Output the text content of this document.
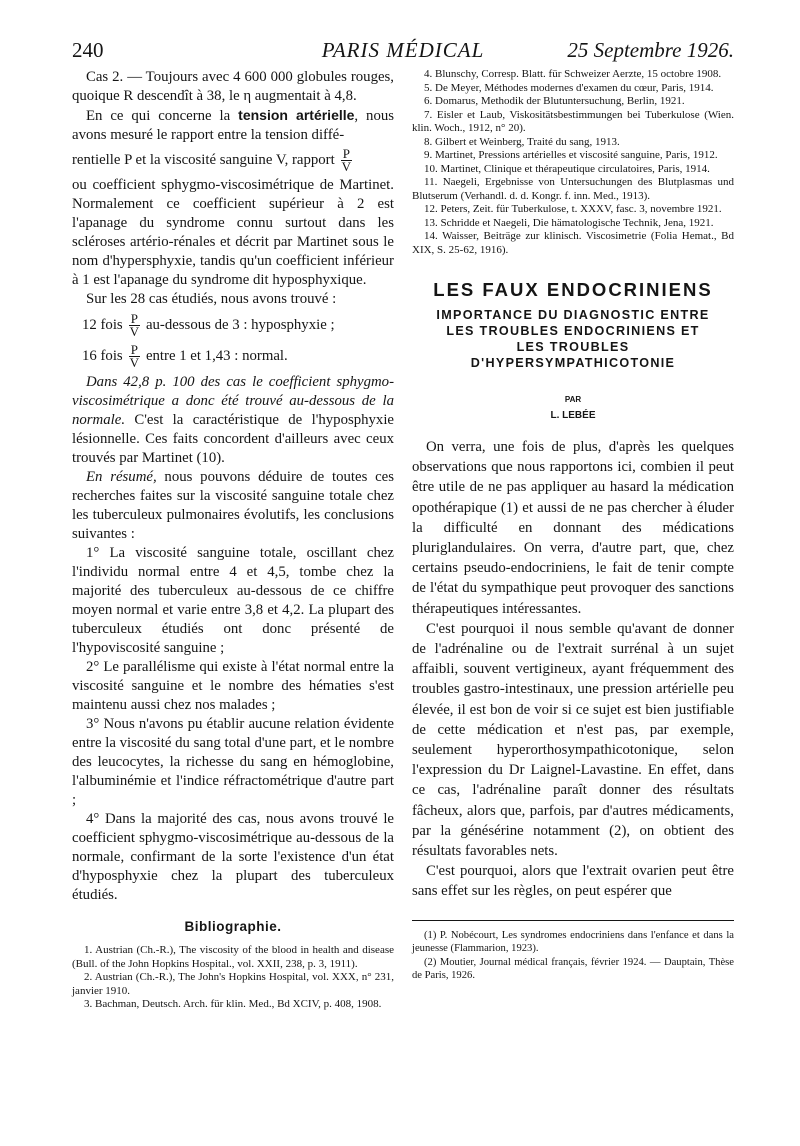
240	PARIS MÉDICAL	25 Septembre 1926.

Cas 2. — Toujours avec 4 600 000 globules rouges, quoique R descendît à 38, le η augmentait à 4,8.

En ce qui concerne la tension artérielle, nous avons mesuré le rapport entre la tension diffé-

rentielle P et la viscosité sanguine V, rapport $\frac{P}{V}$

ou coefficient sphygmo-viscosimétrique de Martinet. Normalement ce coefficient supérieur à 2 est l'apanage du syndrome connu surtout dans les scléroses artério-rénales et décrit par Martinet sous le nom d'hypersphyxie, tandis qu'un coefficient inférieur à 1 est l'apanage du syndrome dit hyposphyxique.

Sur les 28 cas étudiés, nous avons trouvé :

12 fois $\frac{P}{V}$ au-dessous de 3 : hyposphyxie ;

16 fois $\frac{P}{V}$ entre 1 et 1,43 : normal.

Dans 42,8 p. 100 des cas le coefficient sphygmo-viscosimétrique a donc été trouvé au-dessous de la normale. C'est la caractéristique de l'hyposphyxie lésionnelle. Ces faits concordent d'ailleurs avec ceux trouvés par Martinet (10).

En résumé, nous pouvons déduire de toutes ces recherches faites sur la viscosité sanguine totale chez les tuberculeux pulmonaires évolutifs, les conclusions suivantes :

1° La viscosité sanguine totale, oscillant chez l'individu normal entre 4 et 4,5, tombe chez la majorité des tuberculeux au-dessous de ce chiffre moyen normal et varie entre 3,8 et 4,2. La plupart des tuberculeux étudiés ont donc présenté de l'hypoviscosité sanguine ;

2° Le parallélisme qui existe à l'état normal entre la viscosité sanguine et le nombre des hématies s'est maintenu aussi chez nos malades ;

3° Nous n'avons pu établir aucune relation évidente entre la viscosité du sang total d'une part, et le nombre des leucocytes, la richesse du sang en hémoglobine, l'albuminémie et l'indice réfractométrique d'autre part ;

4° Dans la majorité des cas, nous avons trouvé le coefficient sphygmo-viscosimétrique au-dessous de la normale, confirmant de la sorte l'existence d'un état d'hyposphyxie chez la plupart des tuberculeux étudiés.

Bibliographie.
1. Austrian (Ch.-R.), The viscosity of the blood in health and disease (Bull. of the John Hopkins Hospital., vol. XXII, 238, p. 3, 1911).
2. Austrian (Ch.-R.), The John's Hopkins Hospital, vol. XXX, n° 231, janvier 1910.
3. Bachman, Deutsch. Arch. für klin. Med., Bd XCIV, p. 408, 1908.
4. Blunschy, Corresp. Blatt. für Schweizer Aerzte, 15 octobre 1908.
5. De Meyer, Méthodes modernes d'examen du cœur, Paris, 1914.
6. Domarus, Methodik der Blutuntersuchung, Berlin, 1921.
7. Eisler et Laub, Viskositätsbestimmungen bei Tuberkulose (Wien. klin. Woch., 1912, n° 20).
8. Gilbert et Weinberg, Traité du sang, 1913.
9. Martinet, Pressions artérielles et viscosité sanguine, Paris, 1912.
10. Martinet, Clinique et thérapeutique circulatoires, Paris, 1914.
11. Naegeli, Ergebnisse von Untersuchungen des Blutplasmas und Blutserum (Verhandl. d. d. Kongr. f. inn. Med., 1913).
12. Peters, Zeit. für Tuberkulose, t. XXXV, fasc. 3, novembre 1921.
13. Schridde et Naegeli, Die hämatologische Technik, Jena, 1921.
14. Waisser, Beiträge zur klinisch. Viscosimetrie (Folia Hemat., Bd XIX, S. 25-62, 1916).
LES FAUX ENDOCRINIENS

IMPORTANCE DU DIAGNOSTIC ENTRE

LES TROUBLES ENDOCRINIENS ET

LES TROUBLES

D'HYPERSYMPATHICOTONIE

PAR
L. LEBÉE

On verra, une fois de plus, d'après les quelques observations que nous rapportons ici, combien il peut être utile de ne pas appliquer au hasard la médication opothérapique (1) et aussi de ne pas chercher à éluder la difficulté en donnant des médications pluriglandulaires. On verra, d'autre part, que, chez certains pseudo-endocriniens, le fait de tenir compte de l'état du sympathique peut provoquer des sanctions thérapeutiques intéressantes.

C'est pourquoi il nous semble qu'avant de donner de l'adrénaline ou de l'extrait surrénal à un sujet affaibli, souvent vertigineux, ayant fréquemment des troubles gastro-intestinaux, une pression artérielle peu élevée, il est bon de voir si ce sujet est bien justifiable de cette médication et n'est pas, par exemple, seulement hyperorthosympathicotonique, selon l'expression du Dr Laignel-Lavastine. En effet, dans ce cas, l'adrénaline paraît donner des résultats fâcheux, alors que, parfois, par d'autres médicaments, par la génésérine notamment (2), on obtient des résultats favorables nets.

C'est pourquoi, alors que l'extrait ovarien peut être sans effet sur les règles, on peut espérer que

(1) P. Nobécourt, Les syndromes endocriniens dans l'enfance et dans la jeunesse (Flammarion, 1923).

(2) Moutier, Journal médical français, février 1924. — Dauptain, Thèse de Paris, 1926.
